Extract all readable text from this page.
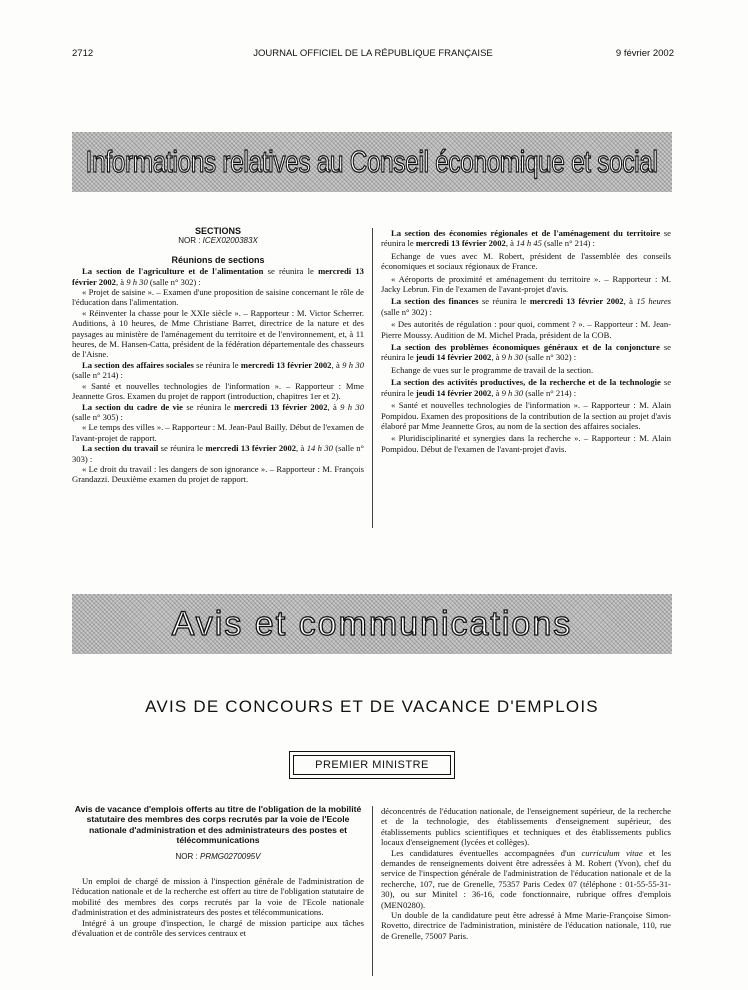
2712	JOURNAL OFFICIEL DE LA RÉPUBLIQUE FRANÇAISE	9 février 2002
Informations relatives au Conseil économique et social
SECTIONS
NOR : ICEX0200383X
Réunions de sections

La section de l'agriculture et de l'alimentation se réunira le mercredi 13 février 2002, à 9 h 30 (salle n° 302) :

« Projet de saisine ». – Examen d'une proposition de saisine concernant le rôle de l'éducation dans l'alimentation.

« Réinventer la chasse pour le XXIe siècle ». – Rapporteur : M. Victor Scherrer. Auditions, à 10 heures, de Mme Christiane Barret, directrice de la nature et des paysages au ministère de l'aménagement du territoire et de l'environnement, et, à 11 heures, de M. Hansen-Catta, président de la fédération départementale des chasseurs de l'Aisne.

La section des affaires sociales se réunira le mercredi 13 février 2002, à 9 h 30 (salle n° 214) :

« Santé et nouvelles technologies de l'information ». – Rapporteur : Mme Jeannette Gros. Examen du projet de rapport (introduction, chapitres 1er et 2).

La section du cadre de vie se réunira le mercredi 13 février 2002, à 9 h 30 (salle n° 305) :

« Le temps des villes ». – Rapporteur : M. Jean-Paul Bailly. Début de l'examen de l'avant-projet de rapport.

La section du travail se réunira le mercredi 13 février 2002, à 14 h 30 (salle n° 303) :

« Le droit du travail : les dangers de son ignorance ». – Rapporteur : M. François Grandazzi. Deuxième examen du projet de rapport.

La section des économies régionales et de l'aménagement du territoire se réunira le mercredi 13 février 2002, à 14 h 45 (salle n° 214) :

Echange de vues avec M. Robert, président de l'assemblée des conseils économiques et sociaux régionaux de France.

« Aéroports de proximité et aménagement du territoire ». – Rapporteur : M. Jacky Lebrun. Fin de l'examen de l'avant-projet d'avis.

La section des finances se réunira le mercredi 13 février 2002, à 15 heures (salle n° 302) :

« Des autorités de régulation : pour quoi, comment ? ». – Rapporteur : M. Jean-Pierre Moussy. Audition de M. Michel Prada, président de la COB.

La section des problèmes économiques généraux et de la conjoncture se réunira le jeudi 14 février 2002, à 9 h 30 (salle n° 302) :

Echange de vues sur le programme de travail de la section.

La section des activités productives, de la recherche et de la technologie se réunira le jeudi 14 février 2002, à 9 h 30 (salle n° 214) :

« Santé et nouvelles technologies de l'information ». – Rapporteur : M. Alain Pompidou. Examen des propositions de la contribution de la section au projet d'avis élaboré par Mme Jeannette Gros, au nom de la section des affaires sociales.

« Pluridisciplinarité et synergies dans la recherche ». – Rapporteur : M. Alain Pompidou. Début de l'examen de l'avant-projet d'avis.

Avis et communications
AVIS DE CONCOURS ET DE VACANCE D'EMPLOIS
PREMIER MINISTRE
Avis de vacance d'emplois offerts au titre de l'obligation de la mobilité statutaire des membres des corps recrutés par la voie de l'Ecole nationale d'administration et des administrateurs des postes et télécommunications
NOR : PRMG0270095V

Un emploi de chargé de mission à l'inspection générale de l'administration de l'éducation nationale et de la recherche est offert au titre de l'obligation statutaire de mobilité des membres des corps recrutés par la voie de l'Ecole nationale d'administration et des administrateurs des postes et télécommunications.

Intégré à un groupe d'inspection, le chargé de mission participe aux tâches d'évaluation et de contrôle des services centraux et

déconcentrés de l'éducation nationale, de l'enseignement supérieur, de la recherche et de la technologie, des établissements d'enseignement supérieur, des établissements publics scientifiques et techniques et des établissements publics locaux d'enseignement (lycées et collèges).

Les candidatures éventuelles accompagnées d'un curriculum vitae et les demandes de renseignements doivent être adressées à M. Robert (Yvon), chef du service de l'inspection générale de l'administration de l'éducation nationale et de la recherche, 107, rue de Grenelle, 75357 Paris Cedex 07 (téléphone : 01-55-55-31-30), ou sur Minitel : 36-16, code fonctionnaire, rubrique offres d'emplois (MEN0280).

Un double de la candidature peut être adressé à Mme Marie-Françoise Simon-Rovetto, directrice de l'administration, ministère de l'éducation nationale, 110, rue de Grenelle, 75007 Paris.
